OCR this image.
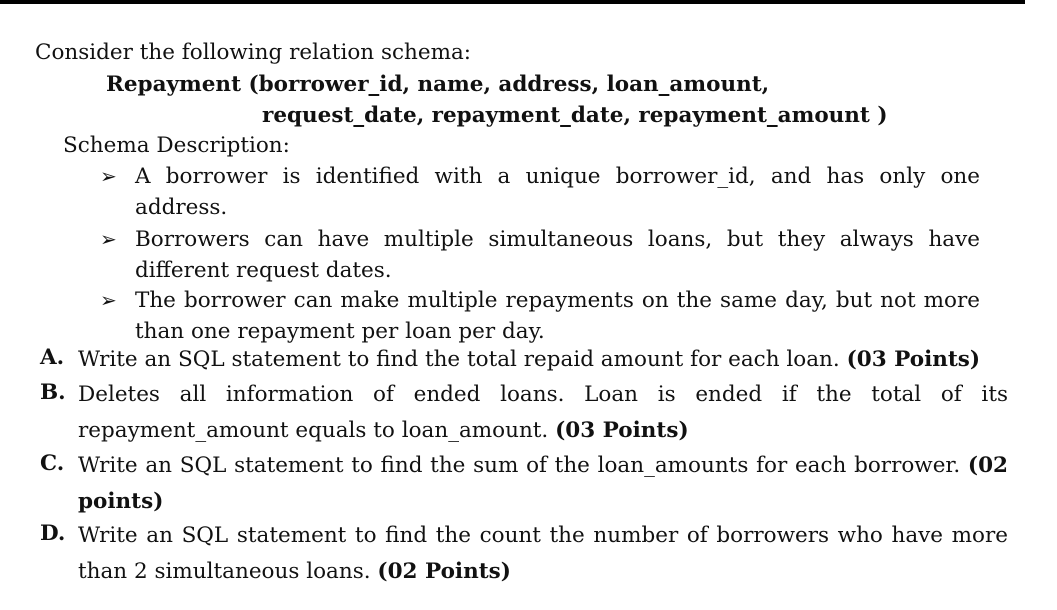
Consider the following relation schema:
Repayment (borrower_id, name, address, loan_amount,
request_date, repayment_date, repayment_amount )
Schema Description:
➢ A borrower is identified with a unique borrower_id, and has only one address.
➢ Borrowers can have multiple simultaneous loans, but they always have different request dates.
➢ The borrower can make multiple repayments on the same day, but not more than one repayment per loan per day.
A. Write an SQL statement to find the total repaid amount for each loan. (03 Points)
B. Deletes all information of ended loans. Loan is ended if the total of its repayment_amount equals to loan_amount. (03 Points)
C. Write an SQL statement to find the sum of the loan_amounts for each borrower. (02 points)
D. Write an SQL statement to find the count the number of borrowers who have more than 2 simultaneous loans. (02 Points)
